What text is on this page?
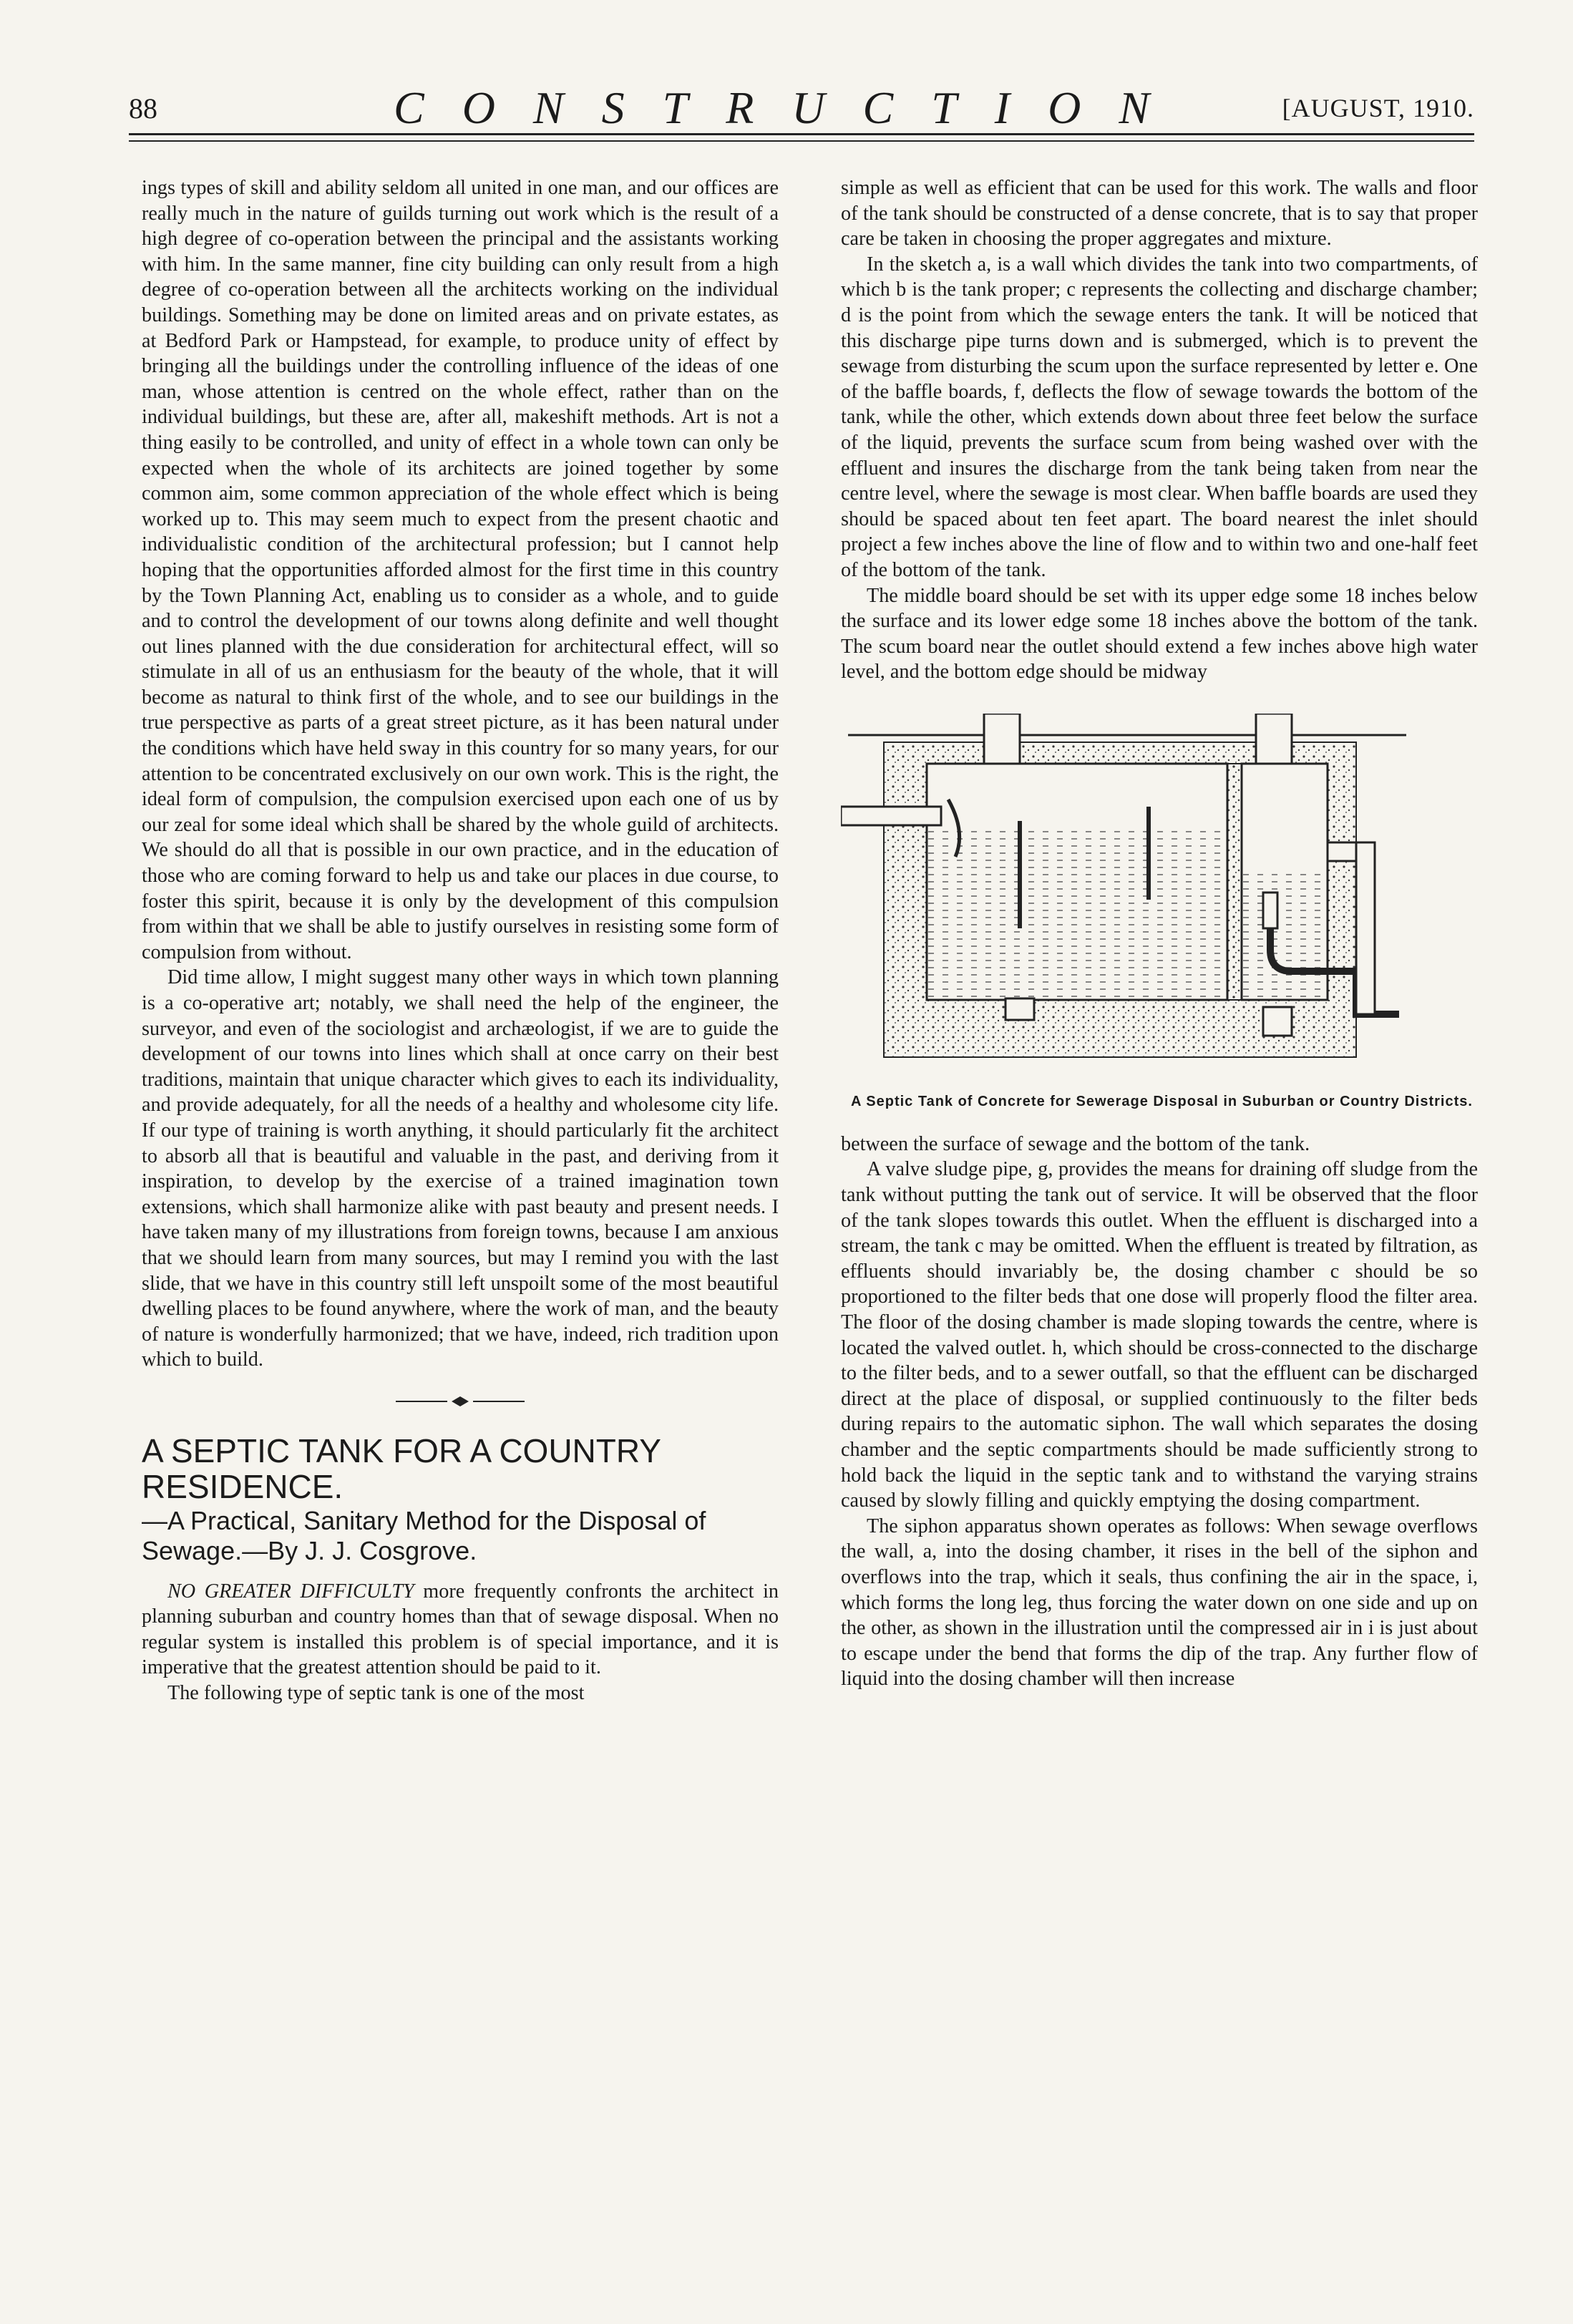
88	CONSTRUCTION	[AUGUST, 1910.

ings types of skill and ability seldom all united in one man, and our offices are really much in the nature of guilds turning out work which is the result of a high degree of co-operation between the principal and the assistants working with him. In the same manner, fine city building can only result from a high degree of co-operation between all the architects working on the individual buildings. Something may be done on limited areas and on private estates, as at Bedford Park or Hampstead, for example, to produce unity of effect by bringing all the buildings under the controlling influence of the ideas of one man, whose attention is centred on the whole effect, rather than on the individual buildings, but these are, after all, makeshift methods. Art is not a thing easily to be controlled, and unity of effect in a whole town can only be expected when the whole of its architects are joined together by some common aim, some common appreciation of the whole effect which is being worked up to. This may seem much to expect from the present chaotic and individualistic condition of the architectural profession; but I cannot help hoping that the opportunities afforded almost for the first time in this country by the Town Planning Act, enabling us to consider as a whole, and to guide and to control the development of our towns along definite and well thought out lines planned with the due consideration for architectural effect, will so stimulate in all of us an enthusiasm for the beauty of the whole, that it will become as natural to think first of the whole, and to see our buildings in the true perspective as parts of a great street picture, as it has been natural under the conditions which have held sway in this country for so many years, for our attention to be concentrated exclusively on our own work. This is the right, the ideal form of compulsion, the compulsion exercised upon each one of us by our zeal for some ideal which shall be shared by the whole guild of architects. We should do all that is possible in our own practice, and in the education of those who are coming forward to help us and take our places in due course, to foster this spirit, because it is only by the development of this compulsion from within that we shall be able to justify ourselves in resisting some form of compulsion from without.

Did time allow, I might suggest many other ways in which town planning is a co-operative art; notably, we shall need the help of the engineer, the surveyor, and even of the sociologist and archæologist, if we are to guide the development of our towns into lines which shall at once carry on their best traditions, maintain that unique character which gives to each its individuality, and provide adequately, for all the needs of a healthy and wholesome city life. If our type of training is worth anything, it should particularly fit the architect to absorb all that is beautiful and valuable in the past, and deriving from it inspiration, to develop by the exercise of a trained imagination town extensions, which shall harmonize alike with past beauty and present needs. I have taken many of my illustrations from foreign towns, because I am anxious that we should learn from many sources, but may I remind you with the last slide, that we have in this country still left unspoilt some of the most beautiful dwelling places to be found anywhere, where the work of man, and the beauty of nature is wonderfully harmonized; that we have, indeed, rich tradition upon which to build.

A SEPTIC TANK FOR A COUNTRY RESIDENCE.
—A Practical, Sanitary Method for the Disposal of Sewage.—By J. J. Cosgrove.

NO GREATER DIFFICULTY more frequently confronts the architect in planning suburban and country homes than that of sewage disposal. When no regular system is installed this problem is of special importance, and it is imperative that the greatest attention should be paid to it.

The following type of septic tank is one of the most

simple as well as efficient that can be used for this work. The walls and floor of the tank should be constructed of a dense concrete, that is to say that proper care be taken in choosing the proper aggregates and mixture.

In the sketch a, is a wall which divides the tank into two compartments, of which b is the tank proper; c represents the collecting and discharge chamber; d is the point from which the sewage enters the tank. It will be noticed that this discharge pipe turns down and is submerged, which is to prevent the sewage from disturbing the scum upon the surface represented by letter e. One of the baffle boards, f, deflects the flow of sewage towards the bottom of the tank, while the other, which extends down about three feet below the surface of the liquid, prevents the surface scum from being washed over with the effluent and insures the discharge from the tank being taken from near the centre level, where the sewage is most clear. When baffle boards are used they should be spaced about ten feet apart. The board nearest the inlet should project a few inches above the line of flow and to within two and one-half feet of the bottom of the tank.

The middle board should be set with its upper edge some 18 inches below the surface and its lower edge some 18 inches above the bottom of the tank. The scum board near the outlet should extend a few inches above high water level, and the bottom edge should be midway

A Septic Tank of Concrete for Sewerage Disposal in Suburban or Country Districts.

between the surface of sewage and the bottom of the tank.

A valve sludge pipe, g, provides the means for draining off sludge from the tank without putting the tank out of service. It will be observed that the floor of the tank slopes towards this outlet. When the effluent is discharged into a stream, the tank c may be omitted. When the effluent is treated by filtration, as effluents should invariably be, the dosing chamber c should be so proportioned to the filter beds that one dose will properly flood the filter area. The floor of the dosing chamber is made sloping towards the centre, where is located the valved outlet. h, which should be cross-connected to the discharge to the filter beds, and to a sewer outfall, so that the effluent can be discharged direct at the place of disposal, or supplied continuously to the filter beds during repairs to the automatic siphon. The wall which separates the dosing chamber and the septic compartments should be made sufficiently strong to hold back the liquid in the septic tank and to withstand the varying strains caused by slowly filling and quickly emptying the dosing compartment.

The siphon apparatus shown operates as follows: When sewage overflows the wall, a, into the dosing chamber, it rises in the bell of the siphon and overflows into the trap, which it seals, thus confining the air in the space, i, which forms the long leg, thus forcing the water down on one side and up on the other, as shown in the illustration until the compressed air in i is just about to escape under the bend that forms the dip of the trap. Any further flow of liquid into the dosing chamber will then increase
